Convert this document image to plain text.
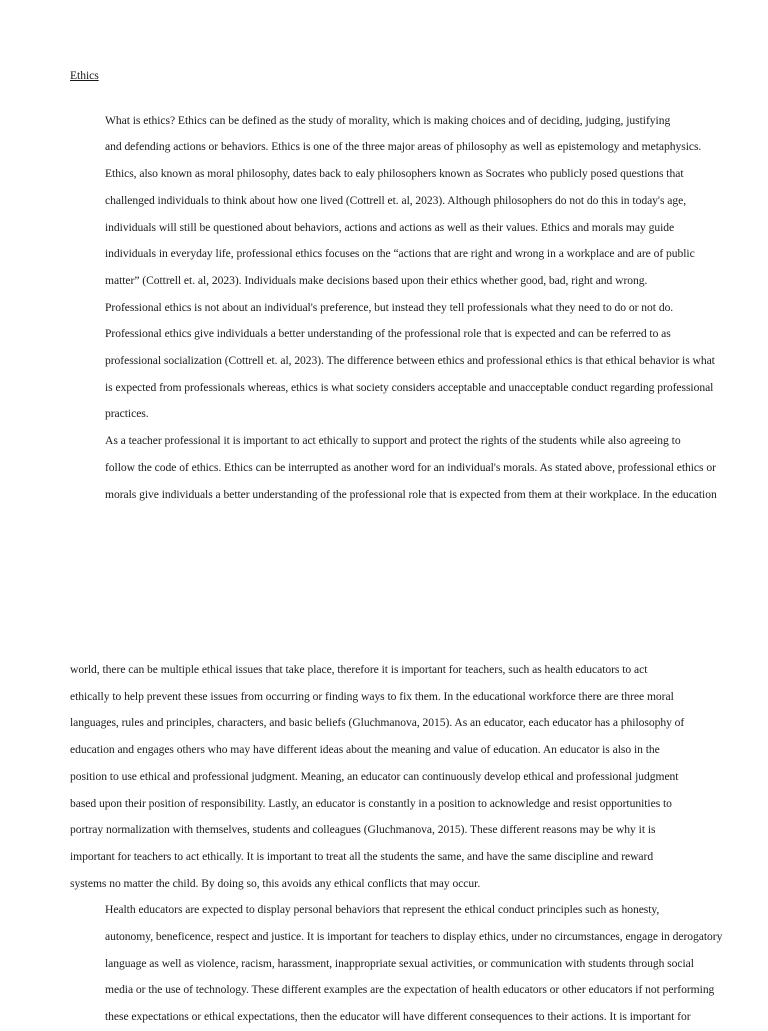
Ethics

What is ethics? Ethics can be defined as the study of morality, which is making choices and of deciding, judging, justifying
and defending actions or behaviors. Ethics is one of the three major areas of philosophy as well as epistemology and metaphysics.
Ethics, also known as moral philosophy, dates back to ealy philosophers known as Socrates who publicly posed questions that
challenged individuals to think about how one lived (Cottrell et. al, 2023). Although philosophers do not do this in today's age,
individuals will still be questioned about behaviors, actions and actions as well as their values. Ethics and morals may guide
individuals in everyday life, professional ethics focuses on the “actions that are right and wrong in a workplace and are of public
matter” (Cottrell et. al, 2023). Individuals make decisions based upon their ethics whether good, bad, right and wrong.

Professional ethics is not about an individual's preference, but instead they tell professionals what they need to do or not do.
Professional ethics give individuals a better understanding of the professional role that is expected and can be referred to as
professional socialization (Cottrell et. al, 2023). The difference between ethics and professional ethics is that ethical behavior is what
is expected from professionals whereas, ethics is what society considers acceptable and unacceptable conduct regarding professional
practices.

As a teacher professional it is important to act ethically to support and protect the rights of the students while also agreeing to
follow the code of ethics. Ethics can be interrupted as another word for an individual's morals. As stated above, professional ethics or
morals give individuals a better understanding of the professional role that is expected from them at their workplace. In the education

world, there can be multiple ethical issues that take place, therefore it is important for teachers, such as health educators to act
ethically to help prevent these issues from occurring or finding ways to fix them. In the educational workforce there are three moral
languages, rules and principles, characters, and basic beliefs (Gluchmanova, 2015). As an educator, each educator has a philosophy of
education and engages others who may have different ideas about the meaning and value of education. An educator is also in the
position to use ethical and professional judgment. Meaning, an educator can continuously develop ethical and professional judgment
based upon their position of responsibility. Lastly, an educator is constantly in a position to acknowledge and resist opportunities to
portray normalization with themselves, students and colleagues (Gluchmanova, 2015). These different reasons may be why it is
important for teachers to act ethically. It is important to treat all the students the same, and have the same discipline and reward
systems no matter the child. By doing so, this avoids any ethical conflicts that may occur.

Health educators are expected to display personal behaviors that represent the ethical conduct principles such as honesty,
autonomy, beneficence, respect and justice. It is important for teachers to display ethics, under no circumstances, engage in derogatory
language as well as violence, racism, harassment, inappropriate sexual activities, or communication with students through social
media or the use of technology. These different examples are the expectation of health educators or other educators if not performing
these expectations or ethical expectations, then the educator will have different consequences to their actions. It is important for
